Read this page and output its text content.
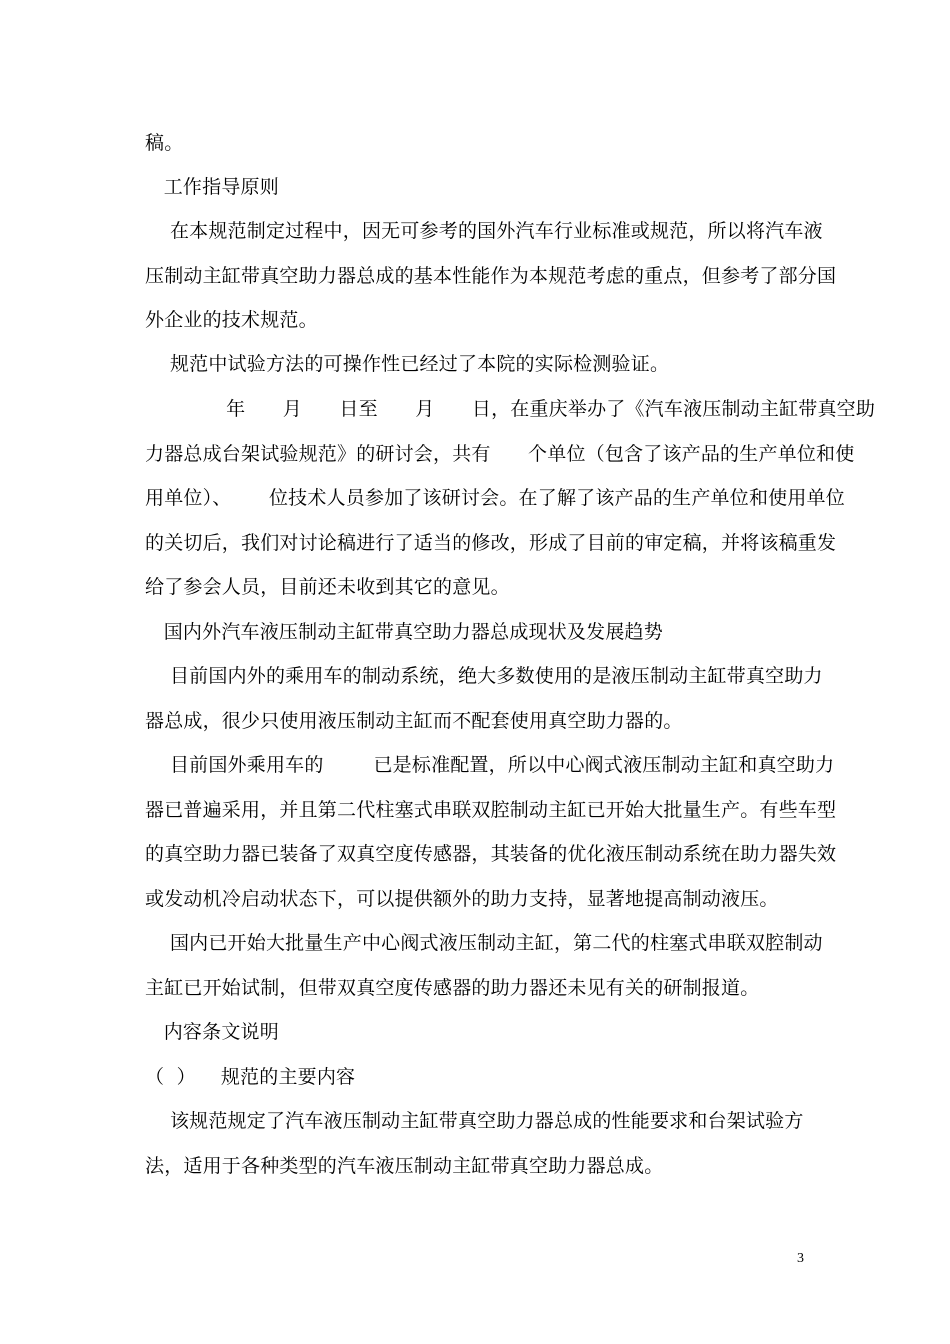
稿。
工作指导原则
在本规范制定过程中，因无可参考的国外汽车行业标准或规范，所以将汽车液
压制动主缸带真空助力器总成的基本性能作为本规范考虑的重点，但参考了部分国
外企业的技术规范。
规范中试验方法的可操作性已经过了本院的实际检测验证。
年      月      日至      月      日，在重庆举办了《汽车液压制动主缸带真空助
力器总成台架试验规范》的研讨会，共有      个单位（包含了该产品的生产单位和使
用单位）、      位技术人员参加了该研讨会。在了解了该产品的生产单位和使用单位
的关切后，我们对讨论稿进行了适当的修改，形成了目前的审定稿，并将该稿重发
给了参会人员，目前还未收到其它的意见。
国内外汽车液压制动主缸带真空助力器总成现状及发展趋势
目前国内外的乘用车的制动系统，绝大多数使用的是液压制动主缸带真空助力
器总成，很少只使用液压制动主缸而不配套使用真空助力器的。
目前国外乘用车的        已是标准配置，所以中心阀式液压制动主缸和真空助力
器已普遍采用，并且第二代柱塞式串联双腔制动主缸已开始大批量生产。有些车型
的真空助力器已装备了双真空度传感器，其装备的优化液压制动系统在助力器失效
或发动机冷启动状态下，可以提供额外的助力支持，显著地提高制动液压。
国内已开始大批量生产中心阀式液压制动主缸，第二代的柱塞式串联双腔制动
主缸已开始试制，但带双真空度传感器的助力器还未见有关的研制报道。
内容条文说明
（  ）    规范的主要内容
该规范规定了汽车液压制动主缸带真空助力器总成的性能要求和台架试验方
法，适用于各种类型的汽车液压制动主缸带真空助力器总成。
3
